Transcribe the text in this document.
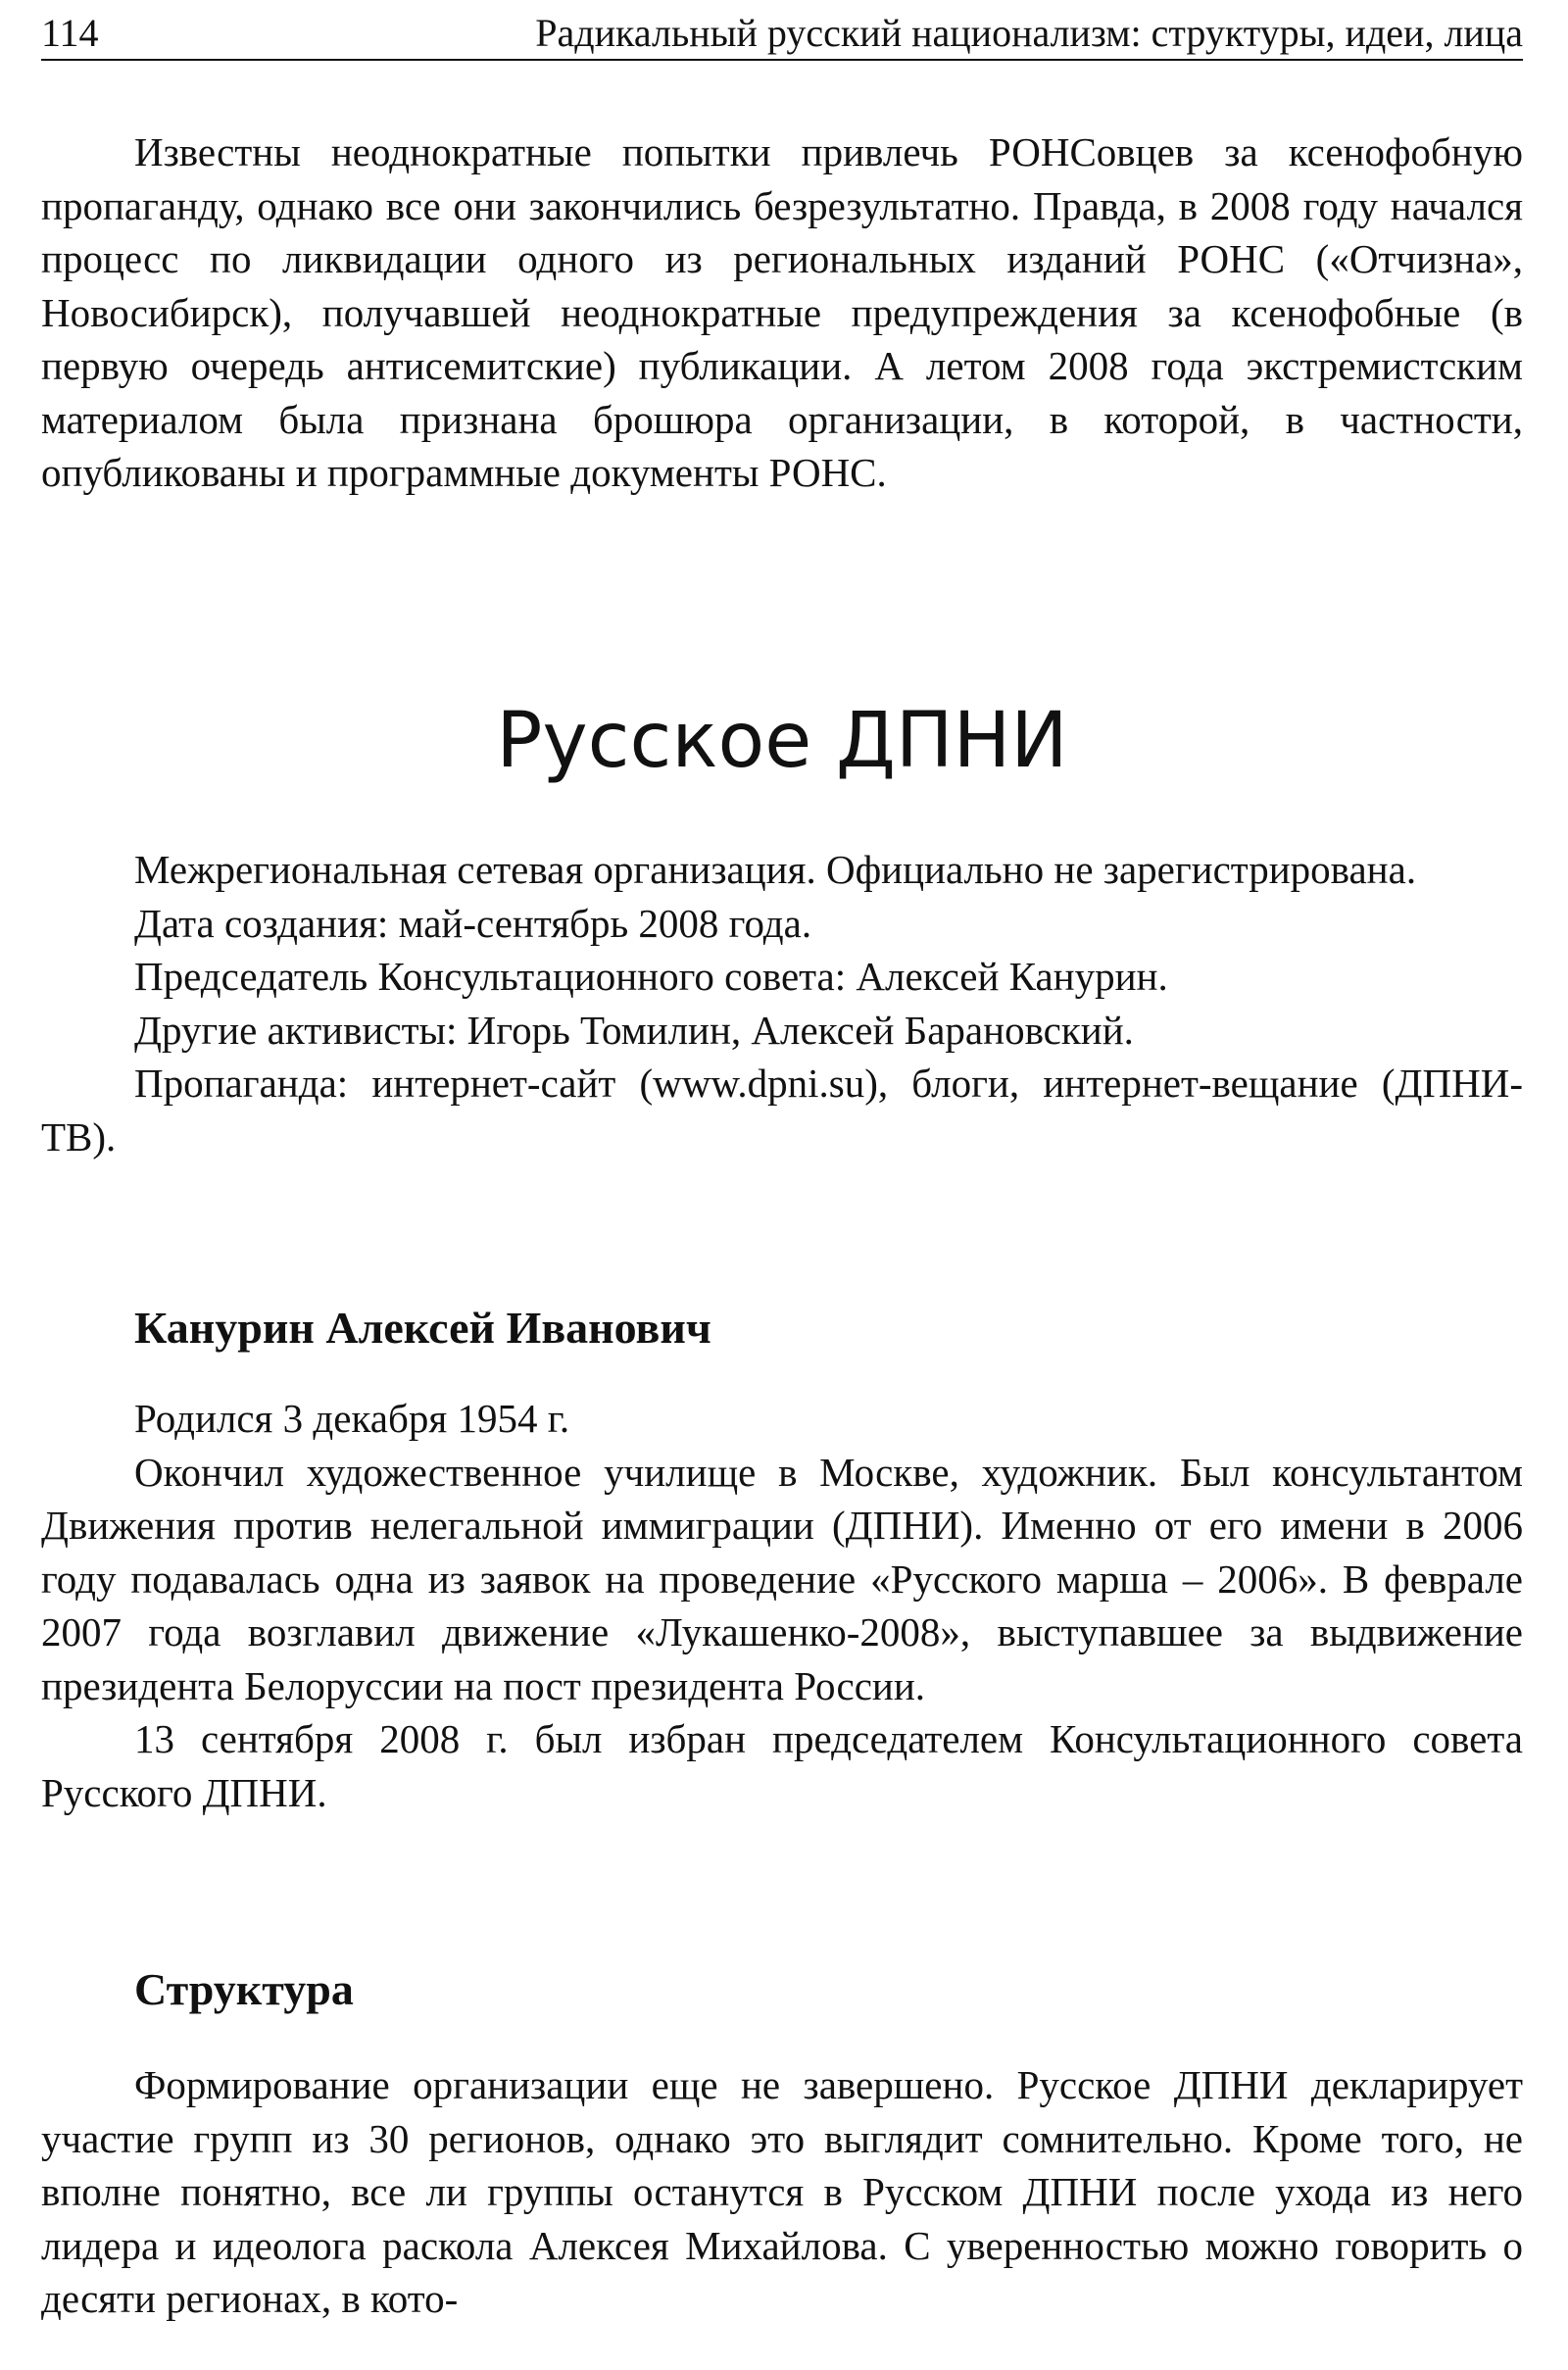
114	Радикальный русский национализм: структуры, идеи, лица

Известны неоднократные попытки привлечь РОНСовцев за ксенофобную пропаганду, однако все они закончились безрезультатно. Правда, в 2008 году начался процесс по ликвидации одного из региональных изданий РОНС («Отчизна», Новосибирск), получавшей неоднократные предупреждения за ксенофобные (в первую очередь антисемитские) публикации. А летом 2008 года экстремистским материалом была признана брошюра организации, в которой, в частности, опубликованы и программные документы РОНС.

Русское ДПНИ

Межрегиональная сетевая организация. Официально не зарегистрирована.

Дата создания: май-сентябрь 2008 года.

Председатель Консультационного совета: Алексей Канурин.

Другие активисты: Игорь Томилин, Алексей Барановский.

Пропаганда: интернет-сайт (www.dpni.su), блоги, интернет-вещание (ДПНИ-ТВ).

Канурин Алексей Иванович

Родился 3 декабря 1954 г.

Окончил художественное училище в Москве, художник. Был консультантом Движения против нелегальной иммиграции (ДПНИ). Именно от его имени в 2006 году подавалась одна из заявок на проведение «Русского марша – 2006». В феврале 2007 года возглавил движение «Лукашенко-2008», выступавшее за выдвижение президента Белоруссии на пост президента России.

13 сентября 2008 г. был избран председателем Консультационного совета Русского ДПНИ.

Структура

Формирование организации еще не завершено. Русское ДПНИ декларирует участие групп из 30 регионов, однако это выглядит сомнительно. Кроме того, не вполне понятно, все ли группы останутся в Русском ДПНИ после ухода из него лидера и идеолога раскола Алексея Михайлова. С уверенностью можно говорить о десяти регионах, в кото-
